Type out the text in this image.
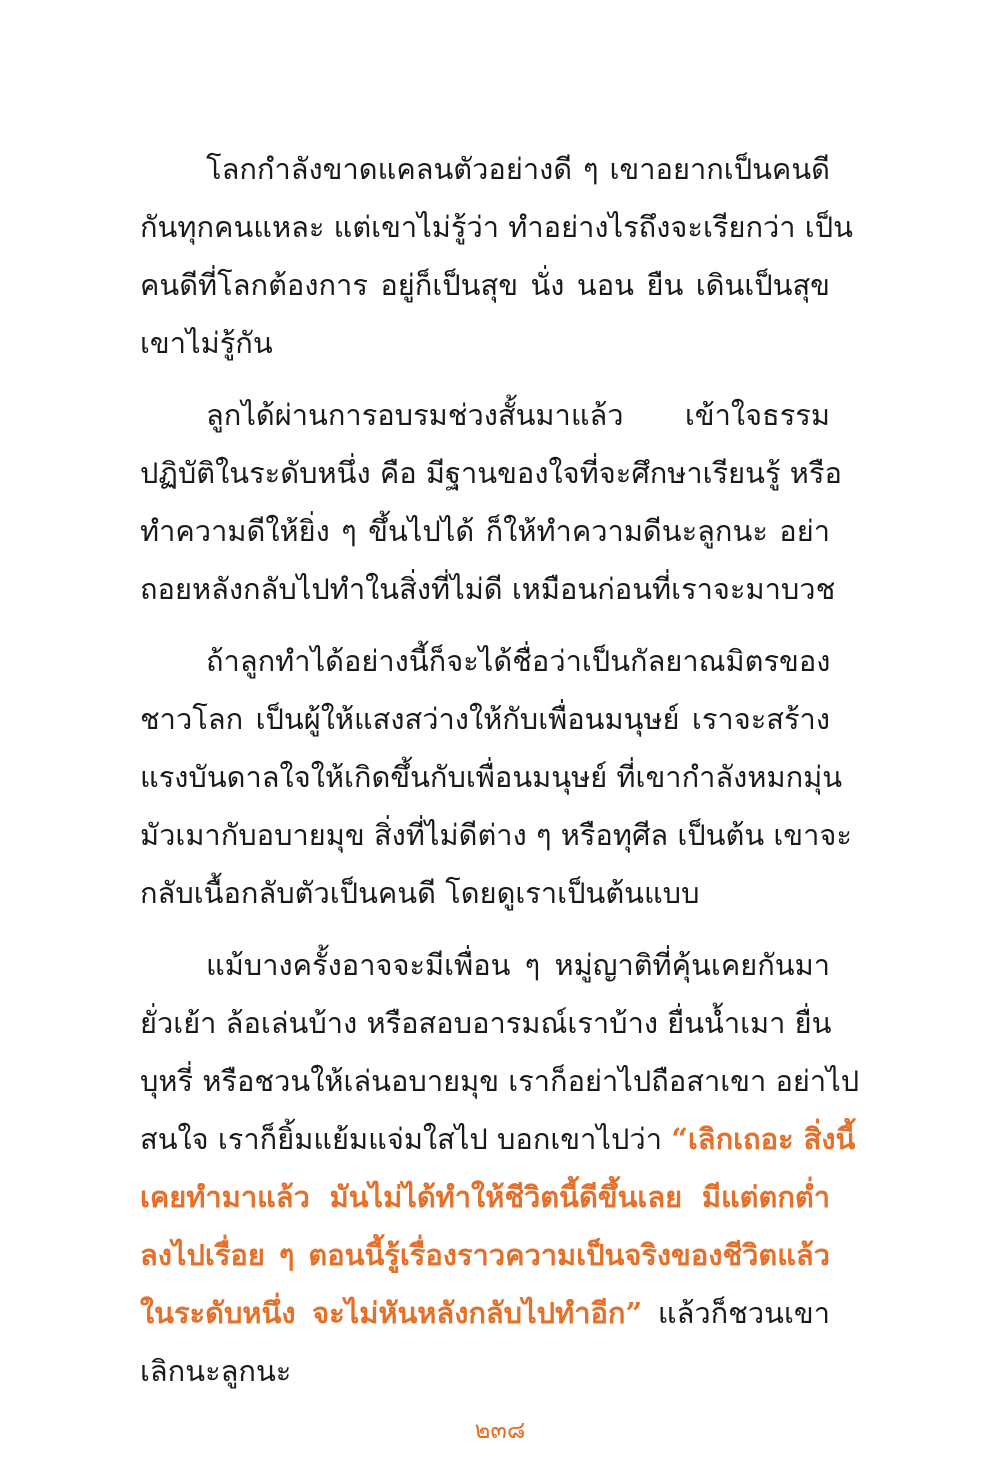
โลกกำลังขาดแคลนตัวอย่างดี ๆ เขาอยากเป็นคนดี
กันทุกคนแหละ แต่เขาไม่รู้ว่า ทำอย่างไรถึงจะเรียกว่า เป็น
คนดีที่โลกต้องการ อยู่ก็เป็นสุข นั่ง นอน ยืน เดินเป็นสุข
เขาไม่รู้กัน
ลูกได้ผ่านการอบรมช่วงสั้นมาแล้ว เข้าใจธรรม
ปฏิบัติในระดับหนึ่ง คือ มีฐานของใจที่จะศึกษาเรียนรู้ หรือ
ทำความดีให้ยิ่ง ๆ ขึ้นไปได้ ก็ให้ทำความดีนะลูกนะ อย่า
ถอยหลังกลับไปทำในสิ่งที่ไม่ดี เหมือนก่อนที่เราจะมาบวช
ถ้าลูกทำได้อย่างนี้ก็จะได้ชื่อว่าเป็นกัลยาณมิตรของ
ชาวโลก เป็นผู้ให้แสงสว่างให้กับเพื่อนมนุษย์ เราจะสร้าง
แรงบันดาลใจให้เกิดขึ้นกับเพื่อนมนุษย์ ที่เขากำลังหมกมุ่น
มัวเมากับอบายมุข สิ่งที่ไม่ดีต่าง ๆ หรือทุศีล เป็นต้น เขาจะ
กลับเนื้อกลับตัวเป็นคนดี โดยดูเราเป็นต้นแบบ
แม้บางครั้งอาจจะมีเพื่อน ๆ หมู่ญาติที่คุ้นเคยกันมา
ยั่วเย้า ล้อเล่นบ้าง หรือสอบอารมณ์เราบ้าง ยื่นน้ำเมา ยื่น
บุหรี่ หรือชวนให้เล่นอบายมุข เราก็อย่าไปถือสาเขา อย่าไป
สนใจ เราก็ยิ้มแย้มแจ่มใสไป บอกเขาไปว่า “เลิกเถอะ สิ่งนี้
เคยทำมาแล้ว มันไม่ได้ทำให้ชีวิตนี้ดีขึ้นเลย มีแต่ตกต่ำ
ลงไปเรื่อย ๆ ตอนนี้รู้เรื่องราวความเป็นจริงของชีวิตแล้ว
ในระดับหนึ่ง จะไม่หันหลังกลับไปทำอีก” แล้วก็ชวนเขา
เลิกนะลูกนะ
๒๓๘
